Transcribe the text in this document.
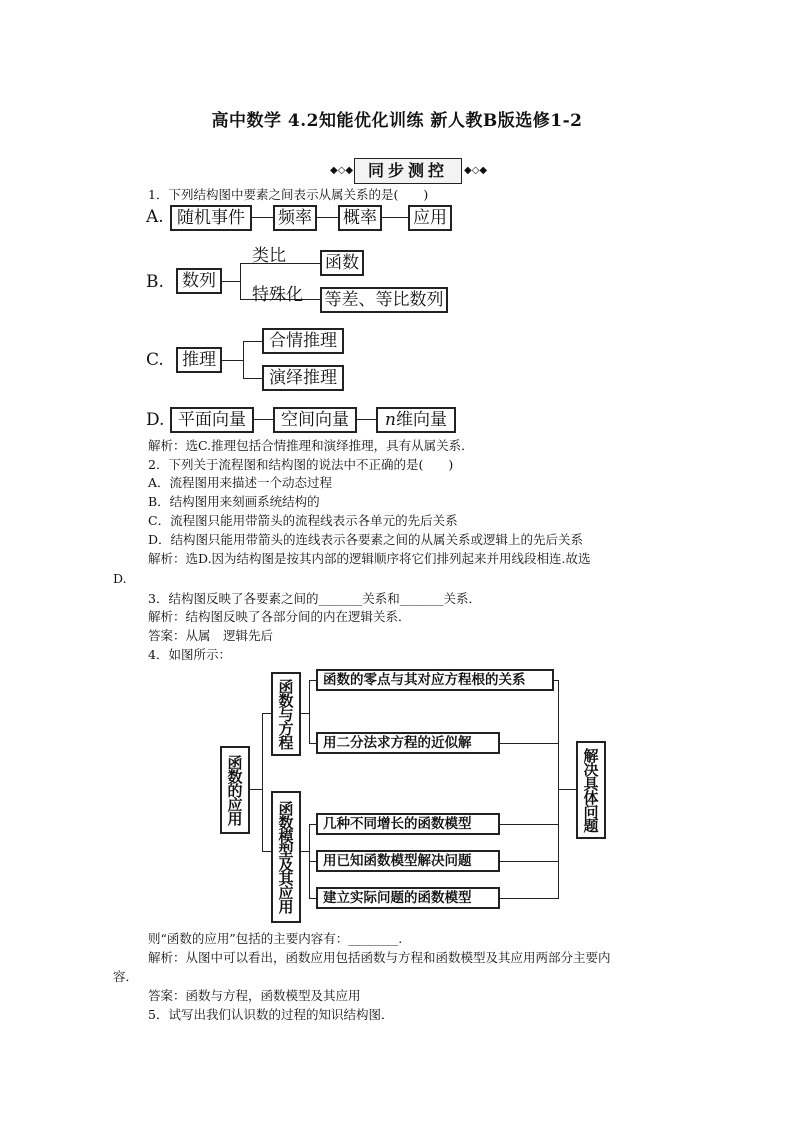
高中数学 4.2知能优化训练 新人教B版选修1-2
◆◇◆ 同步测控	◆◇◆
1．下列结构图中要素之间表示从属关系的是(　　)
A. 随机事件	频率 概率 应用
B.	数列
类比
特殊化
函数
等差、等比数列
C.	推理
合情推理
演绎推理
D. 平面向量	空间向量	n维向量
解析：选C.推理包括合情推理和演绎推理，具有从属关系．
2．下列关于流程图和结构图的说法中不正确的是(　　)
A．流程图用来描述一个动态过程
B．结构图用来刻画系统结构的
C．流程图只能用带箭头的流程线表示各单元的先后关系
D．结构图只能用带箭头的连线表示各要素之间的从属关系或逻辑上的先后关系
解析：选D.因为结构图是按其内部的逻辑顺序将它们排列起来并用线段相连.故选
D.
3．结构图反映了各要素之间的_______关系和_______关系．
解析：结构图反映了各部分间的内在逻辑关系．
答案：从属　逻辑先后
4．如图所示：
函数的应用
函数与方程
函数模型及其应用
函数的零点与其对应方程根的关系
用二分法求方程的近似解
几种不同增长的函数模型
用已知函数模型解决问题
建立实际问题的函数模型
解决具体问题
则“函数的应用”包括的主要内容有：________.
解析：从图中可以看出，函数应用包括函数与方程和函数模型及其应用两部分主要内
容．
答案：函数与方程，函数模型及其应用
5．试写出我们认识数的过程的知识结构图．
